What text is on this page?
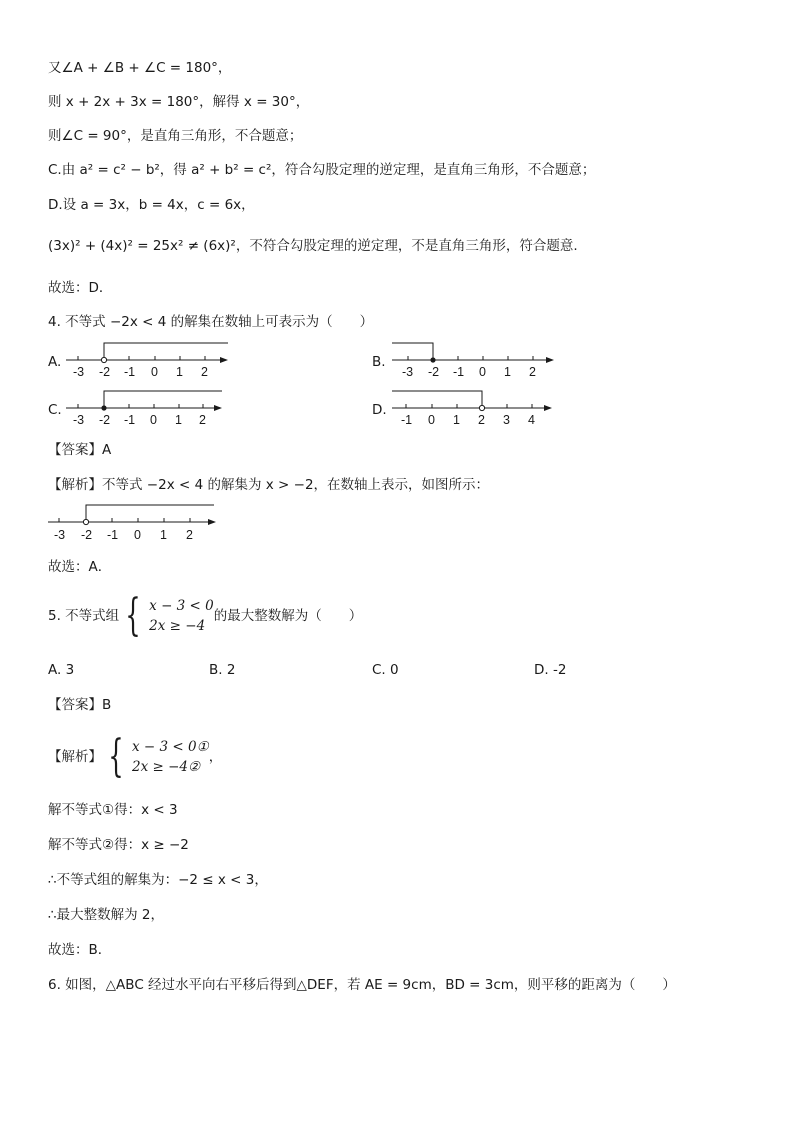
又∠A + ∠B + ∠C = 180°，
则 x + 2x + 3x = 180°，解得 x = 30°，
则∠C = 90°，是直角三角形，不合题意；
C.由 a² = c² − b²，得 a² + b² = c²，符合勾股定理的逆定理，是直角三角形，不合题意；
D.设 a = 3x，b = 4x，c = 6x，
(3x)² + (4x)² = 25x² ≠ (6x)²，不符合勾股定理的逆定理，不是直角三角形，符合题意.
故选：D．
4. 不等式 −2x < 4 的解集在数轴上可表示为（　　）
A.
-3 -2 -1 0 1 2
B.
-3 -2 -1 0 1 2
C.
-3 -2 -1 0 1 2
D.
-1 0 1 2 3 4
【答案】A
【解析】不等式 −2x < 4 的解集为 x > −2，在数轴上表示，如图所示：
-3 -2 -1 0 1 2
故选：A．
5. 不等式组 { x − 3 < 0
2x ≥ −4
的最大整数解为（　　）
A. 3	B. 2	C. 0	D. -2
【答案】B
【解析】 { x − 3 < 0①
2x ≥ −4②
，
解不等式①得：x < 3
解不等式②得：x ≥ −2
∴不等式组的解集为：−2 ≤ x < 3，
∴最大整数解为 2，
故选：B．
6. 如图，△ABC 经过水平向右平移后得到△DEF，若 AE = 9cm，BD = 3cm，则平移的距离为（　　）
